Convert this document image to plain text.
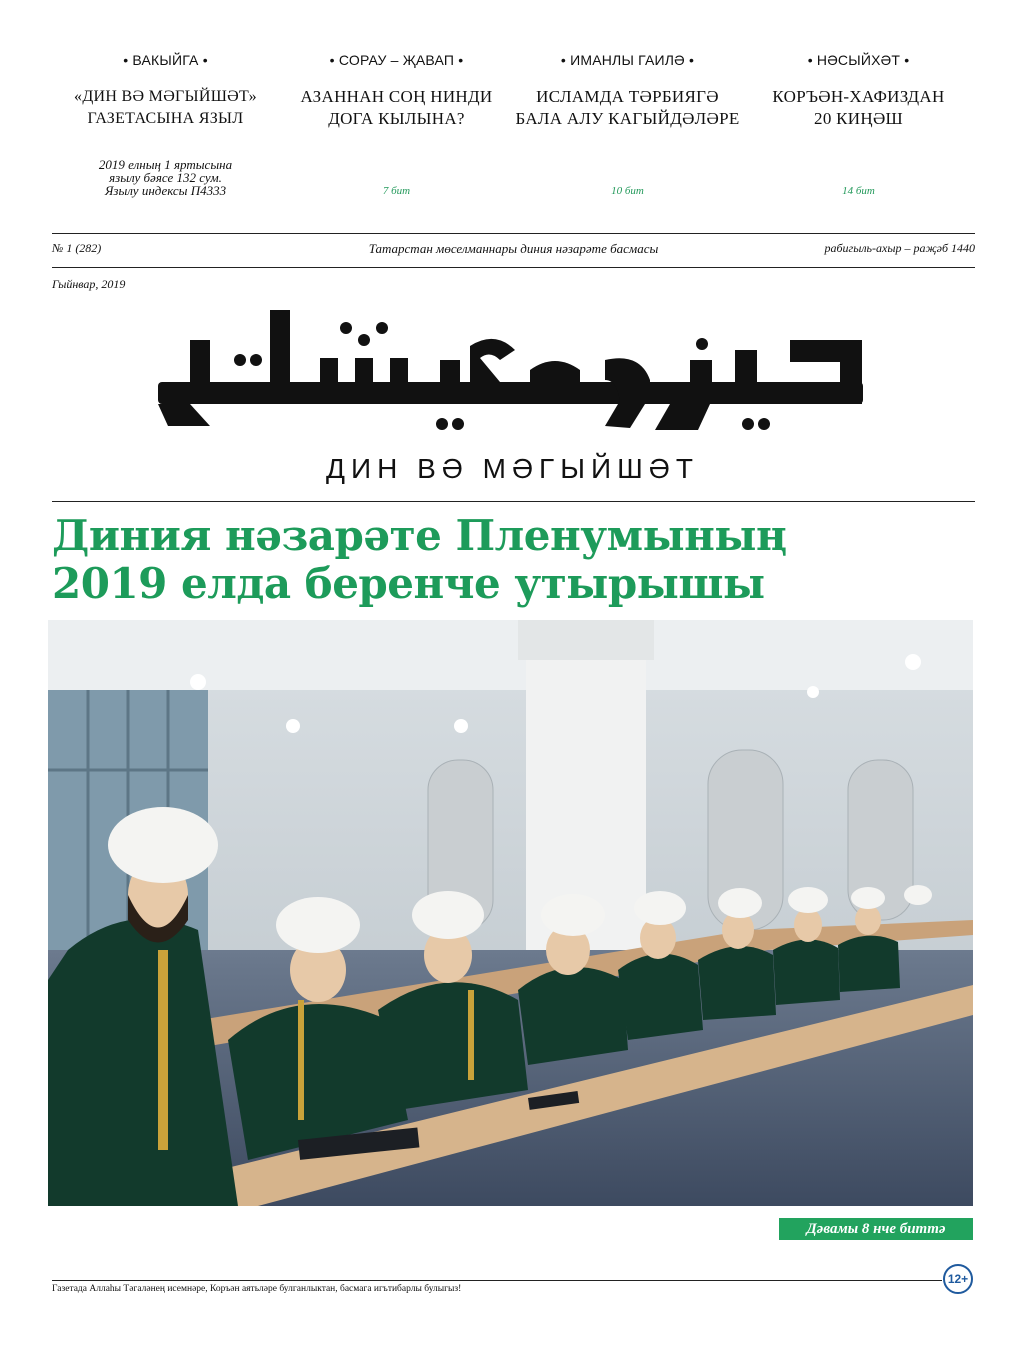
• ВАКЫЙГА •
«ДИН ВӘ МӘГЫЙШӘТ»
ГАЗЕТАСЫНА ЯЗЫЛ
2019 елның 1 яртысына
язылу бәясе 132 сум.
Язылу индексы П4333
• СОРАУ – ҖАВАП •
АЗАННАН СОҢ НИНДИ
ДОГА КЫЛЫНА?
7 бит
• ИМАНЛЫ ГАИЛӘ •
ИСЛАМДА ТӘРБИЯГӘ
БАЛА АЛУ КАГЫЙДӘЛӘРЕ
10 бит
• НӘСЫЙХӘТ •
КОРЪӘН-ХАФИЗДАН
20 КИҢӘШ
14 бит
№ 1 (282)	Татарстан мөселманнары диния нәзарәте басмасы	рабигыль-ахыр – раҗәб 1440
Гыйнвар, 2019
ДИН ВӘ МӘГЫЙШӘТ
Диния нәзарәте Пленумының
2019 елда беренче утырышы
Дәвамы 8 нче биттә
Газетада Аллаһы Тәгаләнең исемнәре, Коръән аятьләре булганлыктан, басмага игътибарлы булыгыз!
12+
